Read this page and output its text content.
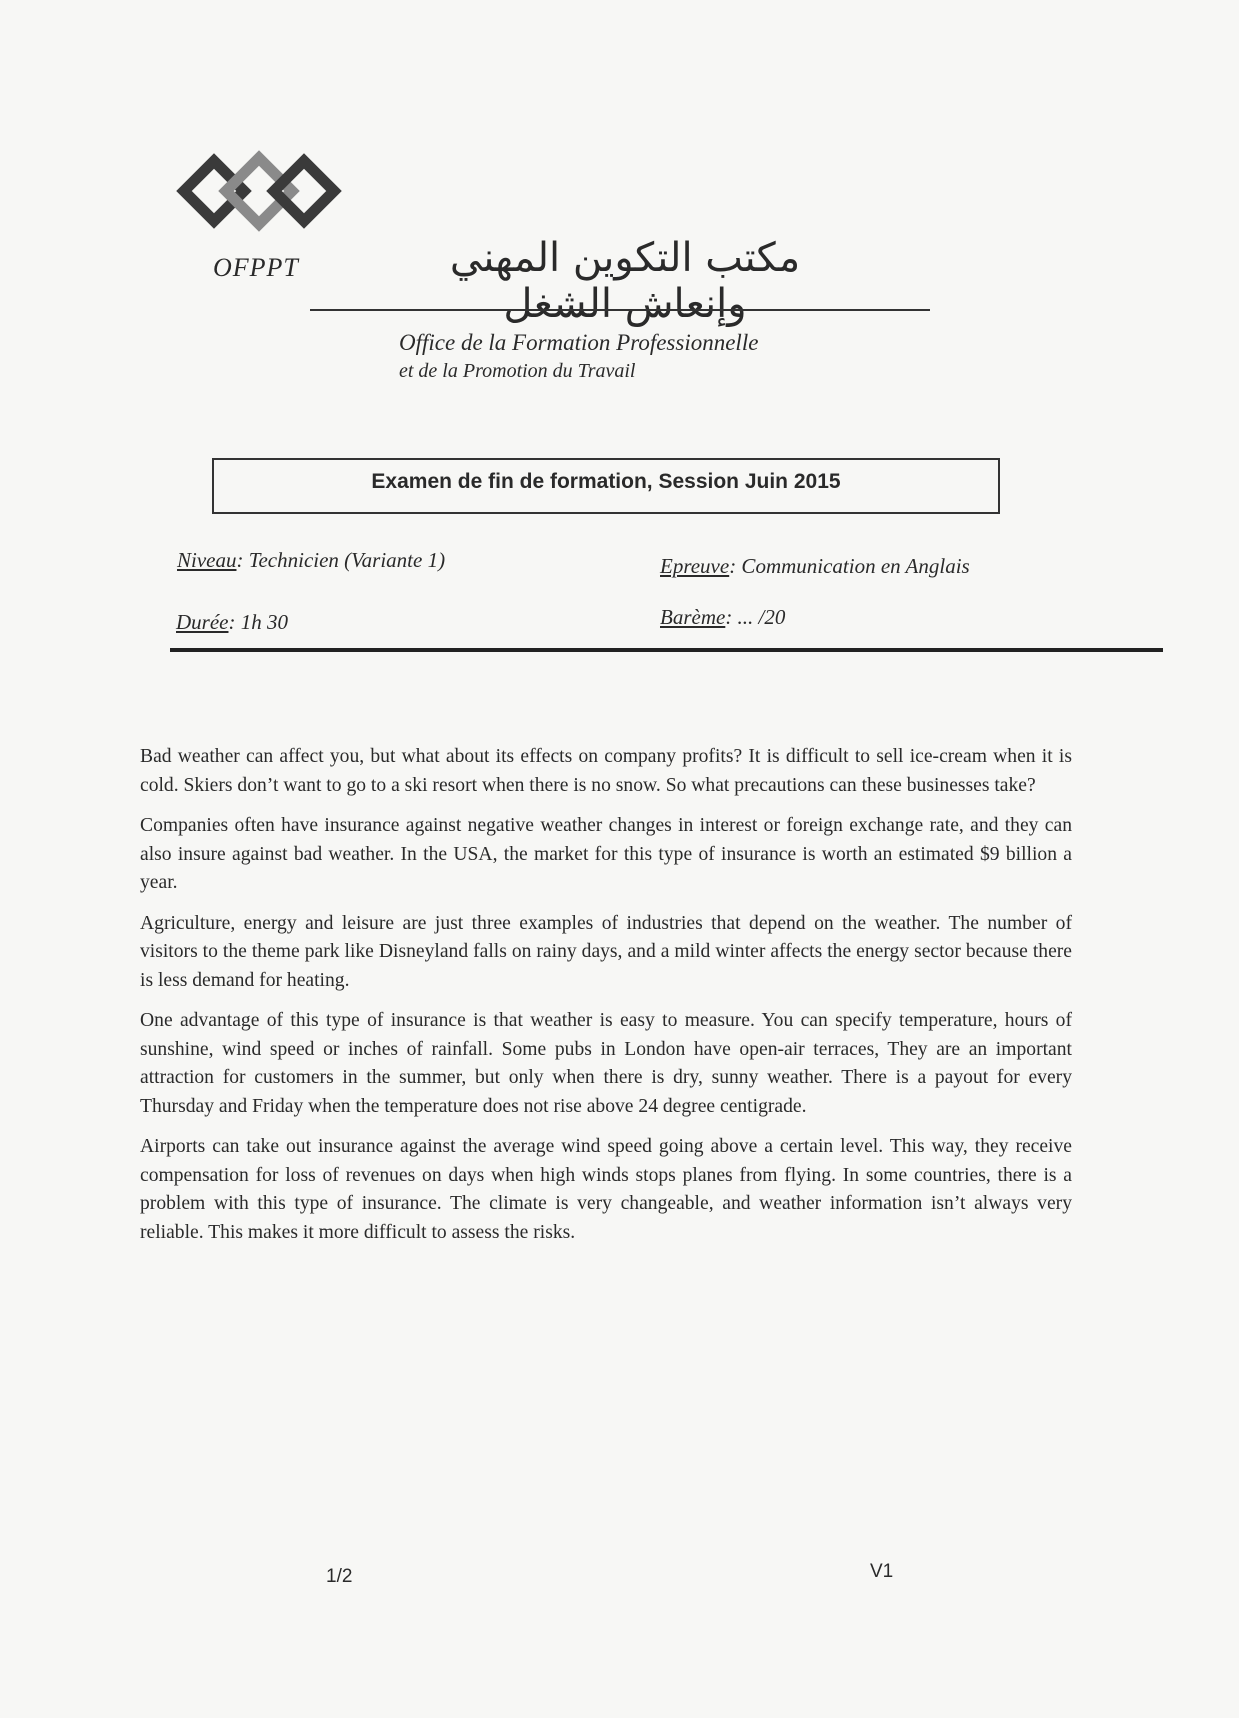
OFPPT	مكتب التكوين المهني وإنعاش الشغل
Office de la Formation Professionnelle
et de la Promotion du Travail
Examen de fin de formation, Session Juin 2015
Niveau: Technicien (Variante 1)	Epreuve: Communication en Anglais
Durée: 1h 30	Barème: ... /20

Bad weather can affect you, but what about its effects on company profits? It is difficult to sell ice-cream when it is cold. Skiers don’t want to go to a ski resort when there is no snow. So what precautions can these businesses take?

Companies often have insurance against negative weather changes in interest or foreign exchange rate, and they can also insure against bad weather. In the USA, the market for this type of insurance is worth an estimated $9 billion a year.

Agriculture, energy and leisure are just three examples of industries that depend on the weather. The number of visitors to the theme park like Disneyland falls on rainy days, and a mild winter affects the energy sector because there is less demand for heating.

One advantage of this type of insurance is that weather is easy to measure. You can specify temperature, hours of sunshine, wind speed or inches of rainfall. Some pubs in London have open-air terraces, They are an important attraction for customers in the summer, but only when there is dry, sunny weather. There is a payout for every Thursday and Friday when the temperature does not rise above 24 degree centigrade.

Airports can take out insurance against the average wind speed going above a certain level. This way, they receive compensation for loss of revenues on days when high winds stops planes from flying. In some countries, there is a problem with this type of insurance. The climate is very changeable, and weather information isn’t always very reliable. This makes it more difficult to assess the risks.

1/2	V1
